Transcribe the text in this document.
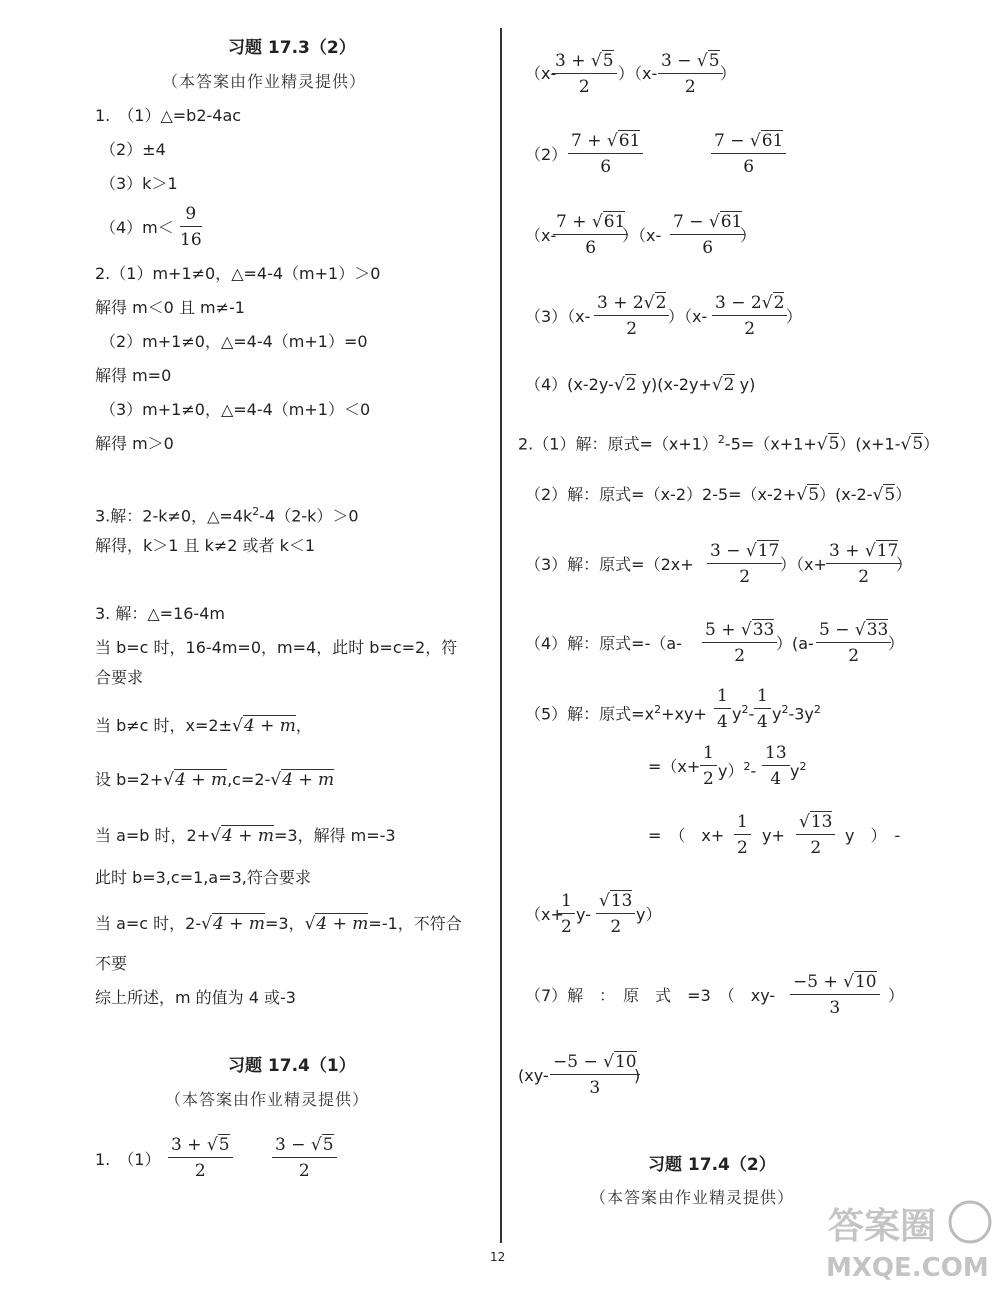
习题 17.3（2）
（本答案由作业精灵提供）
1.　（1）△=b2-4ac
（2）±4
（3）k＞1
（4）m＜
9
16
2.（1）m+1≠0，△=4-4（m+1）＞0
解得 m＜0 且 m≠-1
（2）m+1≠0，△=4-4（m+1）=0
解得 m=0
（3）m+1≠0，△=4-4（m+1）＜0
解得 m＞0
3.解：2-k≠0，$\triangle=4k^2-4(2-k)>0$
解得，k＞1 且 k≠2 或者 k＜1
3. 解：△=16-4m
当 b=c 时，16-4m=0，m=4，此时 b=c=2，符
合要求
当 b≠c 时，x=2±√4 + m，
设 b=2+√4 + m,c=2-√4 + m
当 a=b 时，2+√4 + m=3，解得 m=-3
此时 b=3,c=1,a=3,符合要求
当 a=c 时，2-√4 + m=3，√4 + m=-1，不符合
不要
综上所述，m 的值为 4 或-3
习题 17.4（1）
（本答案由作业精灵提供）
1.　（1）
3 + √5
2
3 − √5
2
（x-
3 + √5
2
）（x-
3 − √5
2
）
（2）
7 + √61
6
7 − √61
6
（x-
7 + √61
6
）（x-
7 − √61
6
）
（3）（x-
3 + 2√2
2
）（x-
3 − 2√2
2
）
（4）(x-2y-√2 y)(x-2y+√2 y)
2.（1）解：原式$=(x+1)^2-5=(x+1+√5)(x+1-√5)$
（2）解：原式=（x-2）2-5=（x-2+√5）(x-2-√5）
（3）解：原式=（2x+
3 − √17
2
）（x+
3 + √17
2
）
（4）解：原式=-（a-
5 + √33
2
）(a-
5 − √33
2
）
（5）解：原式$=x^2+xy+$
1
4 $y^2-$
1
4 $y^2-3y^2$
=（x+
1
2 y）$^2$-
13
4 $y^2$
=　（　x+
1
2
y+
√13
2
y　）　-
（x+
1
2
y-
√13
2
y）
（7）解　：　原　式　=3　（　xy-
−5 + √10
3
）
(xy-
−5 − √10
3
)
习题 17.4（2）
（本答案由作业精灵提供）
12
答案圈
MXQE.COM
